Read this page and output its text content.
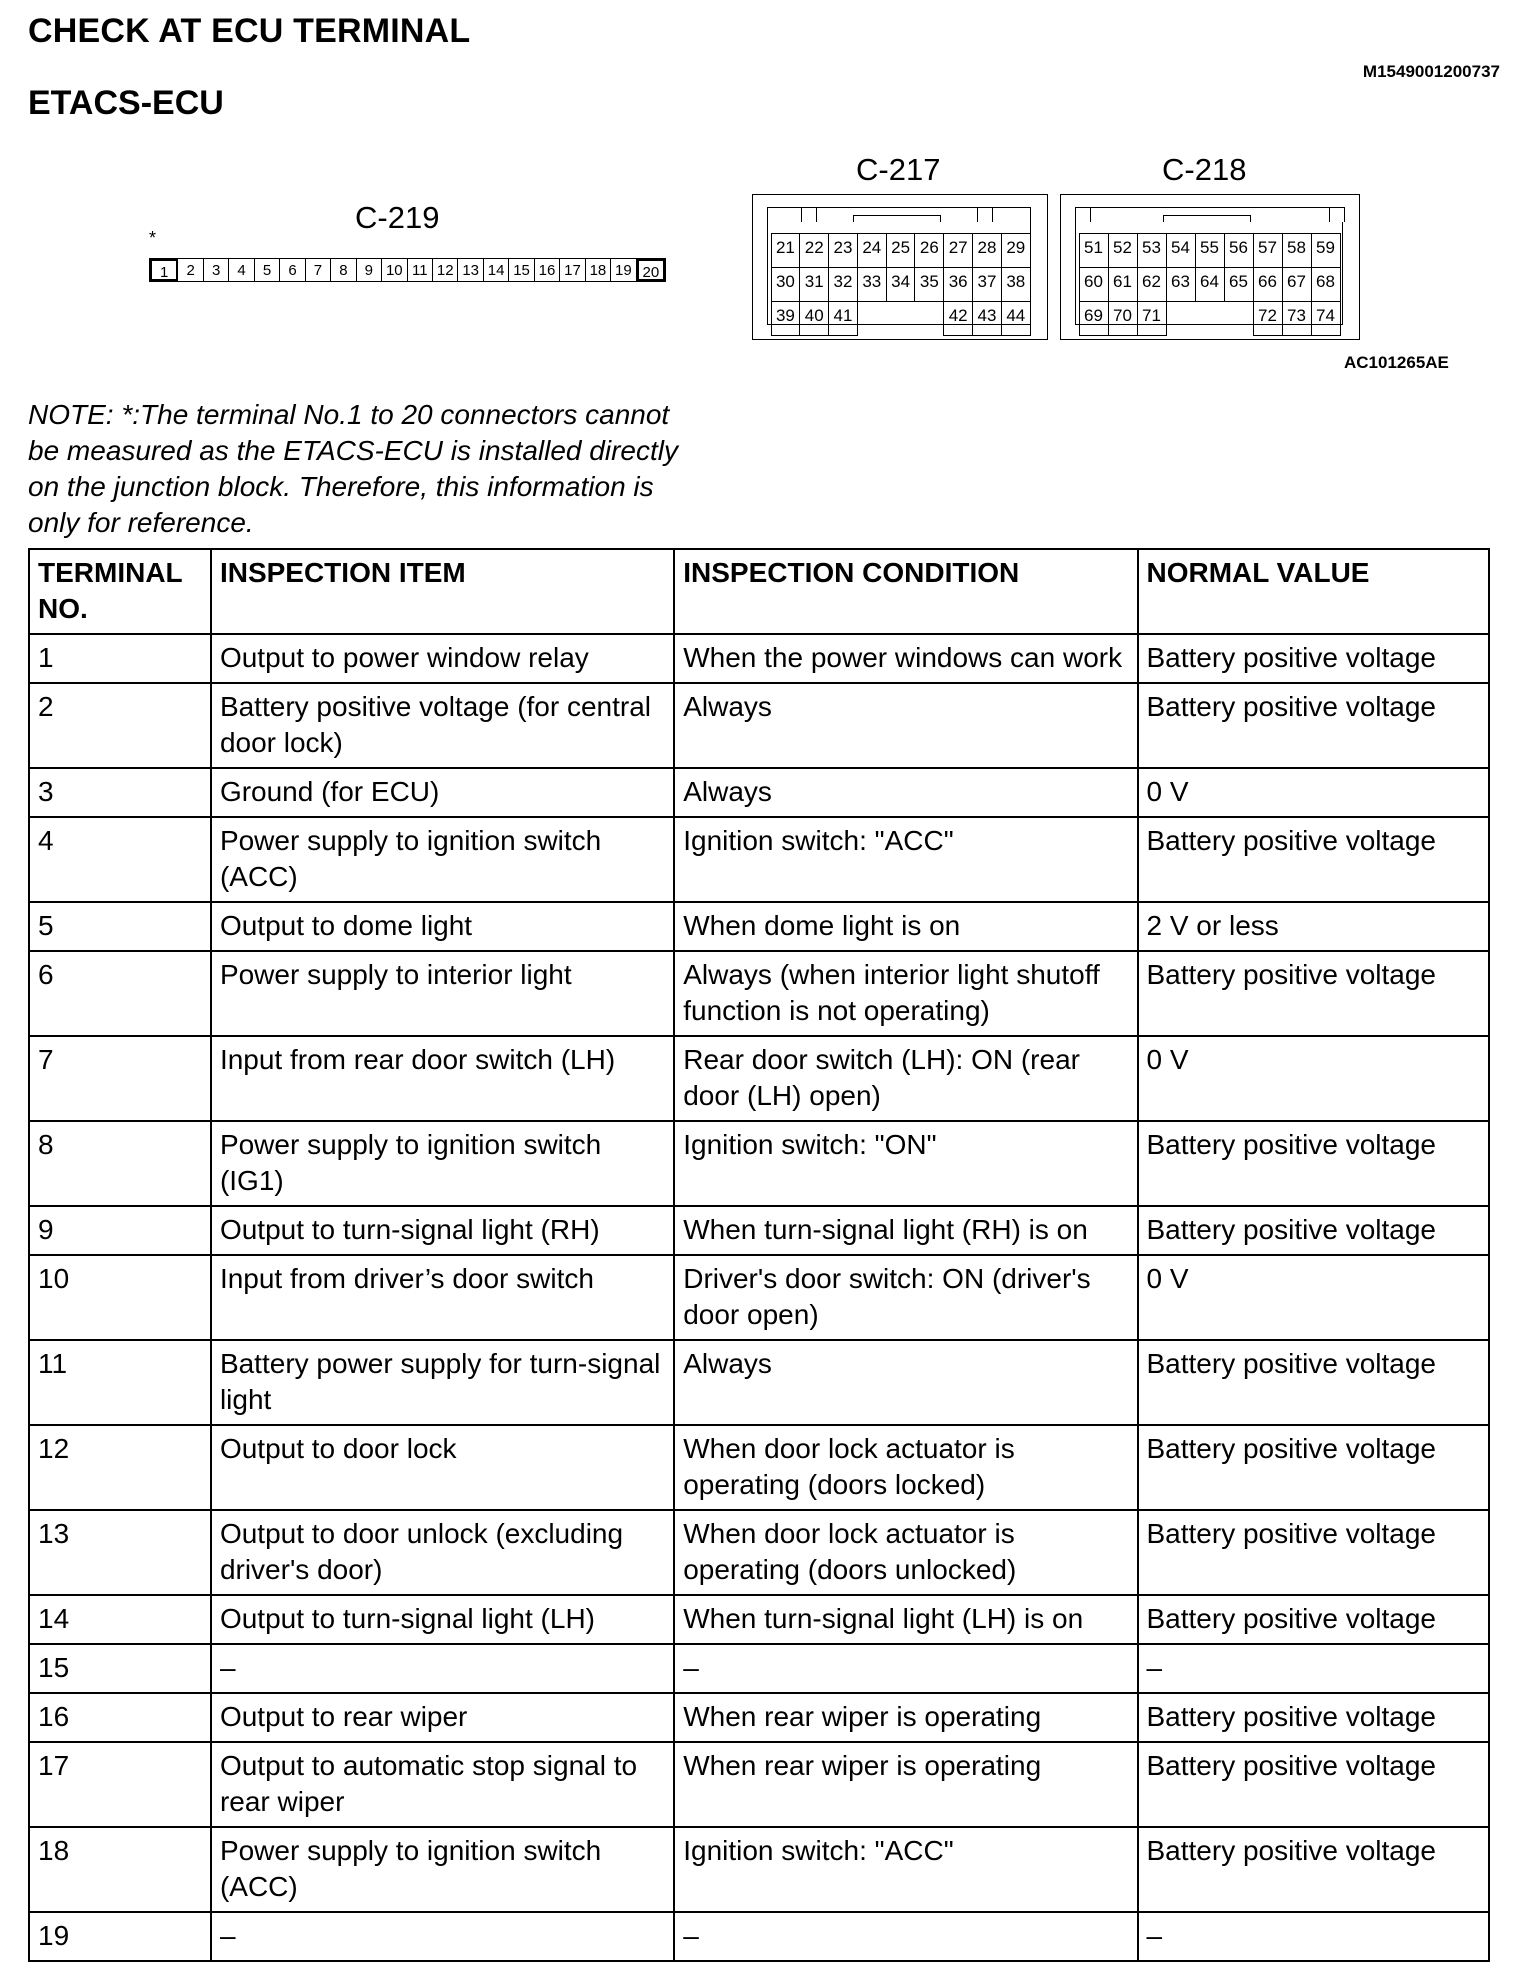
CHECK AT ECU TERMINAL
M1549001200737
ETACS-ECU
C-219
*
1	2	3	4	5	6	7	8	9 10 11 12 13 14 15 16 17 18 19 20
C-217
21 22 23 24 25 26 27 28 29
30 31 32 33 34 35 36 37 38
39 40 41	42 43 44
C-218
51 52 53 54 55 56 57 58 59
60 61 62 63 64 65 66 67 68
69 70 71	72 73 74
AC101265AE
NOTE: *:The terminal No.1 to 20 connectors cannot
be measured as the ETACS-ECU is installed directly
on the junction block. Therefore, this information is
only for reference.
TERMINAL NO.	INSPECTION ITEM	INSPECTION CONDITION	NORMAL VALUE
1	Output to power window relay	When the power windows can work	Battery positive voltage
2	Battery positive voltage (for central door lock)	Always	Battery positive voltage
3	Ground (for ECU)	Always	0 V
4	Power supply to ignition switch (ACC)	Ignition switch: "ACC"	Battery positive voltage
5	Output to dome light	When dome light is on	2 V or less
6	Power supply to interior light	Always (when interior light shutoff function is not operating)	Battery positive voltage
7	Input from rear door switch (LH)	Rear door switch (LH): ON (rear door (LH) open)	0 V
8	Power supply to ignition switch (IG1)	Ignition switch: "ON"	Battery positive voltage
9	Output to turn-signal light (RH)	When turn-signal light (RH) is on	Battery positive voltage
10	Input from driver’s door switch	Driver's door switch: ON (driver's door open)	0 V
11	Battery power supply for turn-signal light	Always	Battery positive voltage
12	Output to door lock	When door lock actuator is operating (doors locked)	Battery positive voltage
13	Output to door unlock (excluding driver's door)	When door lock actuator is operating (doors unlocked)	Battery positive voltage
14	Output to turn-signal light (LH)	When turn-signal light (LH) is on	Battery positive voltage
15	–	–	–
16	Output to rear wiper	When rear wiper is operating	Battery positive voltage
17	Output to automatic stop signal to rear wiper	When rear wiper is operating	Battery positive voltage
18	Power supply to ignition switch (ACC)	Ignition switch: "ACC"	Battery positive voltage
19	–	–	–
